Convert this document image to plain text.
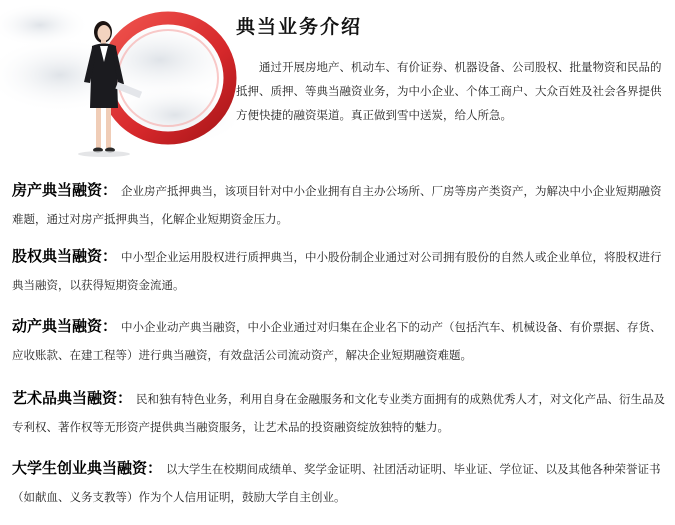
典当业务介绍

通过开展房地产、机动车、有价证券、机器设备、公司股权、批量物资和民品的抵押、质押、等典当融资业务，为中小企业、个体工商户、大众百姓及社会各界提供方便快捷的融资渠道。真正做到雪中送炭，给人所急。

房产典当融资： 企业房产抵押典当，该项目针对中小企业拥有自主办公场所、厂房等房产类资产，为解决中小企业短期融资难题，通过对房产抵押典当，化解企业短期资金压力。

股权典当融资： 中小型企业运用股权进行质押典当，中小股份制企业通过对公司拥有股份的自然人或企业单位，将股权进行典当融资，以获得短期资金流通。

动产典当融资： 中小企业动产典当融资，中小企业通过对归集在企业名下的动产（包括汽车、机械设备、有价票据、存货、应收账款、在建工程等）进行典当融资，有效盘活公司流动资产，解决企业短期融资难题。

艺术品典当融资： 民和独有特色业务，利用自身在金融服务和文化专业类方面拥有的成熟优秀人才，对文化产品、衍生品及专利权、著作权等无形资产提供典当融资服务，让艺术品的投资融资绽放独特的魅力。

大学生创业典当融资： 以大学生在校期间成绩单、奖学金证明、社团活动证明、毕业证、学位证、以及其他各种荣誉证书（如献血、义务支教等）作为个人信用证明，鼓励大学自主创业。
